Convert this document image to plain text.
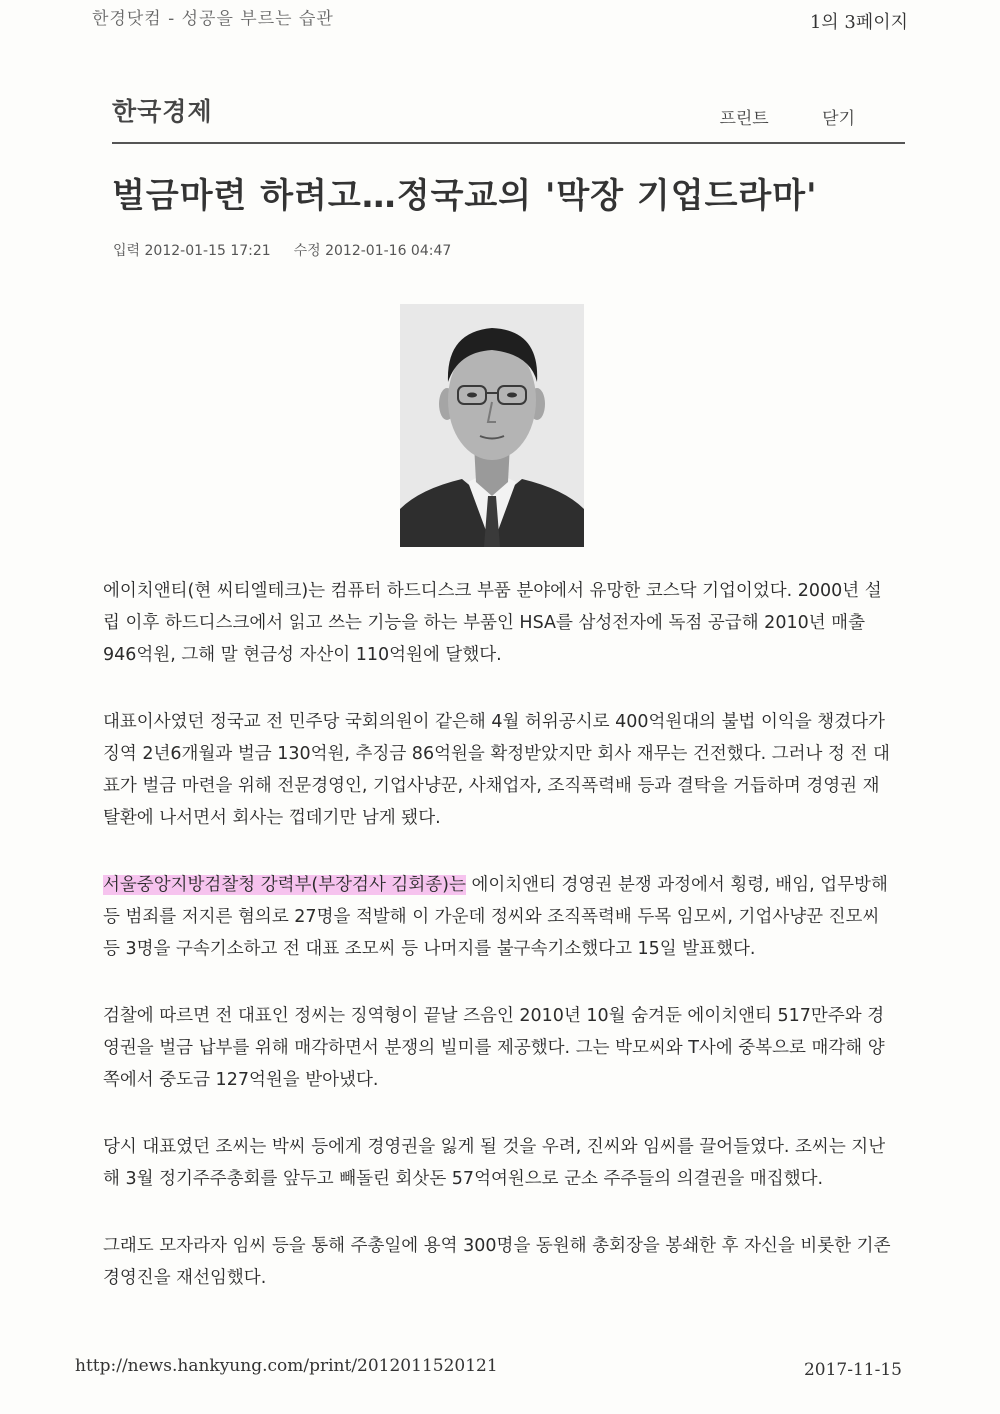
한경닷컴 - 성공을 부르는 습관	1의 3페이지
한국경제	프린트	닫기
벌금마련 하려고…정국교의 '막장 기업드라마'
입력 2012-01-15 17:21 수정 2012-01-16 04:47

에이치앤티(현 씨티엘테크)는 컴퓨터 하드디스크 부품 분야에서 유망한 코스닥 기업이었다. 2000년 설립 이후 하드디스크에서 읽고 쓰는 기능을 하는 부품인 HSA를 삼성전자에 독점 공급해 2010년 매출 946억원, 그해 말 현금성 자산이 110억원에 달했다.

대표이사였던 정국교 전 민주당 국회의원이 같은해 4월 허위공시로 400억원대의 불법 이익을 챙겼다가 징역 2년6개월과 벌금 130억원, 추징금 86억원을 확정받았지만 회사 재무는 건전했다. 그러나 정 전 대표가 벌금 마련을 위해 전문경영인, 기업사냥꾼, 사채업자, 조직폭력배 등과 결탁을 거듭하며 경영권 재탈환에 나서면서 회사는 껍데기만 남게 됐다.

서울중앙지방검찰청 강력부(부장검사 김회종)는 에이치앤티 경영권 분쟁 과정에서 횡령, 배임, 업무방해 등 범죄를 저지른 혐의로 27명을 적발해 이 가운데 정씨와 조직폭력배 두목 임모씨, 기업사냥꾼 진모씨 등 3명을 구속기소하고 전 대표 조모씨 등 나머지를 불구속기소했다고 15일 발표했다.

검찰에 따르면 전 대표인 정씨는 징역형이 끝날 즈음인 2010년 10월 숨겨둔 에이치앤티 517만주와 경영권을 벌금 납부를 위해 매각하면서 분쟁의 빌미를 제공했다. 그는 박모씨와 T사에 중복으로 매각해 양쪽에서 중도금 127억원을 받아냈다.

당시 대표였던 조씨는 박씨 등에게 경영권을 잃게 될 것을 우려, 진씨와 임씨를 끌어들였다. 조씨는 지난해 3월 정기주주총회를 앞두고 빼돌린 회삿돈 57억여원으로 군소 주주들의 의결권을 매집했다.

그래도 모자라자 임씨 등을 통해 주총일에 용역 300명을 동원해 총회장을 봉쇄한 후 자신을 비롯한 기존 경영진을 재선임했다.

http://news.hankyung.com/print/2012011520121	2017-11-15
